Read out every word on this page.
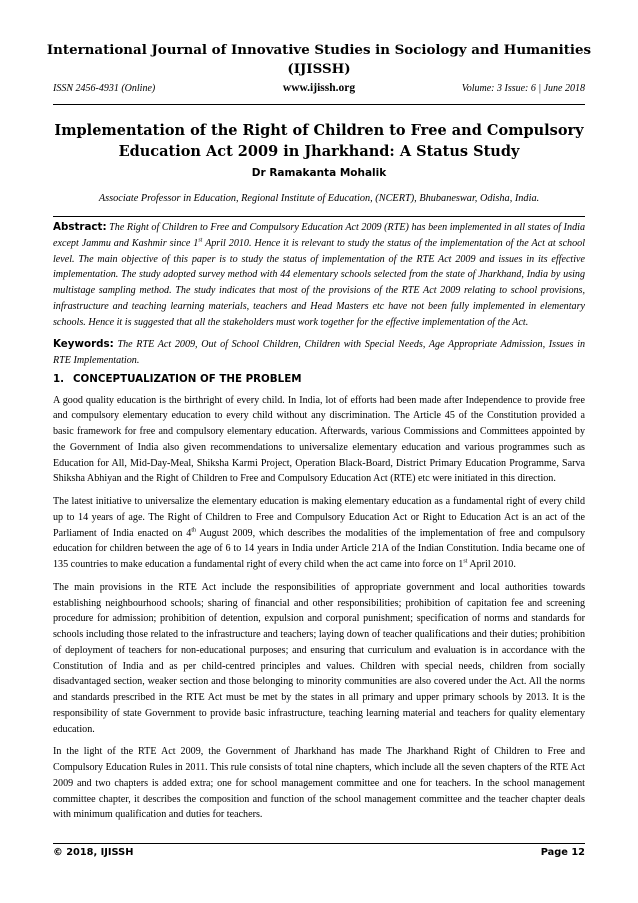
International Journal of Innovative Studies in Sociology and Humanities
(IJISSH)
ISSN 2456-4931 (Online)	www.ijissh.org	Volume: 3 Issue: 6 | June 2018
Implementation of the Right of Children to Free and Compulsory
Education Act 2009 in Jharkhand: A Status Study
Dr Ramakanta Mohalik
Associate Professor in Education, Regional Institute of Education, (NCERT), Bhubaneswar, Odisha, India.

Abstract: The Right of Children to Free and Compulsory Education Act 2009 (RTE) has been implemented in all states of India except Jammu and Kashmir since 1st April 2010. Hence it is relevant to study the status of the implementation of the Act at school level. The main objective of this paper is to study the status of implementation of the RTE Act 2009 and issues in its effective implementation. The study adopted survey method with 44 elementary schools selected from the state of Jharkhand, India by using multistage sampling method. The study indicates that most of the provisions of the RTE Act 2009 relating to school provisions, infrastructure and teaching learning materials, teachers and Head Masters etc have not been fully implemented in elementary schools. Hence it is suggested that all the stakeholders must work together for the effective implementation of the Act.

Keywords: The RTE Act 2009, Out of School Children, Children with Special Needs, Age Appropriate Admission, Issues in RTE Implementation.

1. CONCEPTUALIZATION OF THE PROBLEM

A good quality education is the birthright of every child. In India, lot of efforts had been made after Independence to provide free and compulsory elementary education to every child without any discrimination. The Article 45 of the Constitution provided a basic framework for free and compulsory elementary education. Afterwards, various Commissions and Committees appointed by the Government of India also given recommendations to universalize elementary education and various programmes such as Education for All, Mid-Day-Meal, Shiksha Karmi Project, Operation Black-Board, District Primary Education Programme, Sarva Shiksha Abhiyan and the Right of Children to Free and Compulsory Education Act (RTE) etc were initiated in this direction.

The latest initiative to universalize the elementary education is making elementary education as a fundamental right of every child up to 14 years of age. The Right of Children to Free and Compulsory Education Act or Right to Education Act is an act of the Parliament of India enacted on 4th August 2009, which describes the modalities of the implementation of free and compulsory education for children between the age of 6 to 14 years in India under Article 21A of the Indian Constitution. India became one of 135 countries to make education a fundamental right of every child when the act came into force on 1st April 2010.

The main provisions in the RTE Act include the responsibilities of appropriate government and local authorities towards establishing neighbourhood schools; sharing of financial and other responsibilities; prohibition of capitation fee and screening procedure for admission; prohibition of detention, expulsion and corporal punishment; specification of norms and standards for schools including those related to the infrastructure and teachers; laying down of teacher qualifications and their duties; prohibition of deployment of teachers for non-educational purposes; and ensuring that curriculum and evaluation is in accordance with the Constitution of India and as per child-centred principles and values. Children with special needs, children from socially disadvantaged section, weaker section and those belonging to minority communities are also covered under the Act. All the norms and standards prescribed in the RTE Act must be met by the states in all primary and upper primary schools by 2013. It is the responsibility of state Government to provide basic infrastructure, teaching learning material and teachers for quality elementary education.

In the light of the RTE Act 2009, the Government of Jharkhand has made The Jharkhand Right of Children to Free and Compulsory Education Rules in 2011. This rule consists of total nine chapters, which include all the seven chapters of the RTE Act 2009 and two chapters is added extra; one for school management committee and one for teachers. In the school management committee chapter, it describes the composition and function of the school management committee and the teacher chapter deals with minimum qualification and duties for teachers.

© 2018, IJISSH	Page 12
